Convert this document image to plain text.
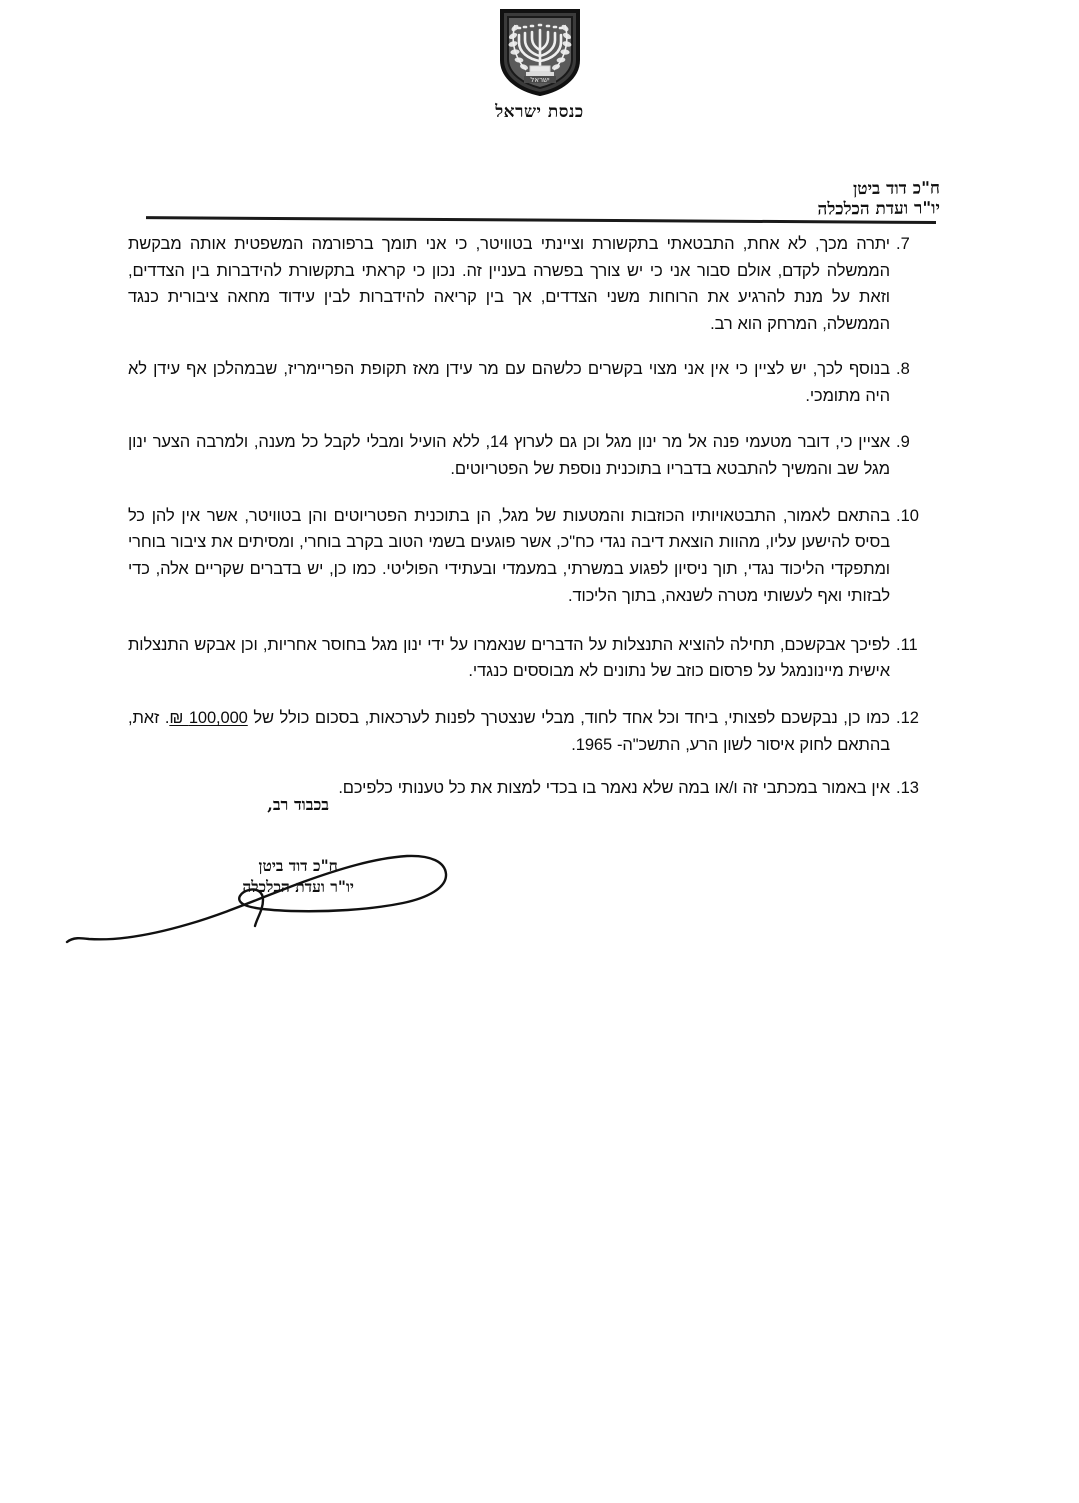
ישראל
כנסת ישראל
ח"כ דוד ביטן
יו"ר ועדת הכלכלה
.7
יתרה מכך, לא אחת, התבטאתי בתקשורת וציינתי בטוויטר, כי אני תומך ברפורמה המשפטית אותה מבקשת הממשלה לקדם, אולם סבור אני כי יש צורך בפשרה בעניין זה. נכון כי קראתי בתקשורת להידברות בין הצדדים, וזאת על מנת להרגיע את הרוחות משני הצדדים, אך בין קריאה להידברות לבין עידוד מחאה ציבורית כנגד הממשלה, המרחק הוא רב.
.8
בנוסף לכך, יש לציין כי אין אני מצוי בקשרים כלשהם עם מר עידן מאז תקופת הפריימריז, שבמהלכן אף עידן לא היה מתומכי.
.9
אציין כי, דובר מטעמי פנה אל מר ינון מגל וכן גם לערוץ 14, ללא הועיל ומבלי לקבל כל מענה, ולמרבה הצער ינון מגל שב והמשיך להתבטא בדבריו בתוכנית נוספת של הפטריוטים.
.10
בהתאם לאמור, התבטאויותיו הכוזבות והמטעות של מגל, הן בתוכנית הפטריוטים והן בטוויטר, אשר אין להן כל בסיס להישען עליו, מהוות הוצאת דיבה נגדי כח"כ, אשר פוגעים בשמי הטוב בקרב בוחרי, ומסיתים את ציבור בוחרי ומתפקדי הליכוד נגדי, תוך ניסיון לפגוע במשרתי, במעמדי ובעתידי הפוליטי. כמו כן, יש בדברים שקריים אלה, כדי לבזותי ואף לעשותי מטרה לשנאה, בתוך הליכוד.
.11
לפיכך אבקשכם, תחילה להוציא התנצלות על הדברים שנאמרו על ידי ינון מגל בחוסר אחריות, וכן אבקש התנצלות אישית מיינונמגל על פרסום כוזב של נתונים לא מבוססים כנגדי.
.12
כמו כן, נבקשכם לפצותי, ביחד וכל אחד לחוד, מבלי שנצטרך לפנות לערכאות, בסכום כולל של 100,000 ₪. זאת, בהתאם לחוק איסור לשון הרע, התשכ"ה- 1965.
.13
אין באמור במכתבי זה ו/או במה שלא נאמר בו בכדי למצות את כל טענותי כלפיכם.
בכבוד רב,
ח"כ דוד ביטן
יו"ר ועדת הכלכלה
